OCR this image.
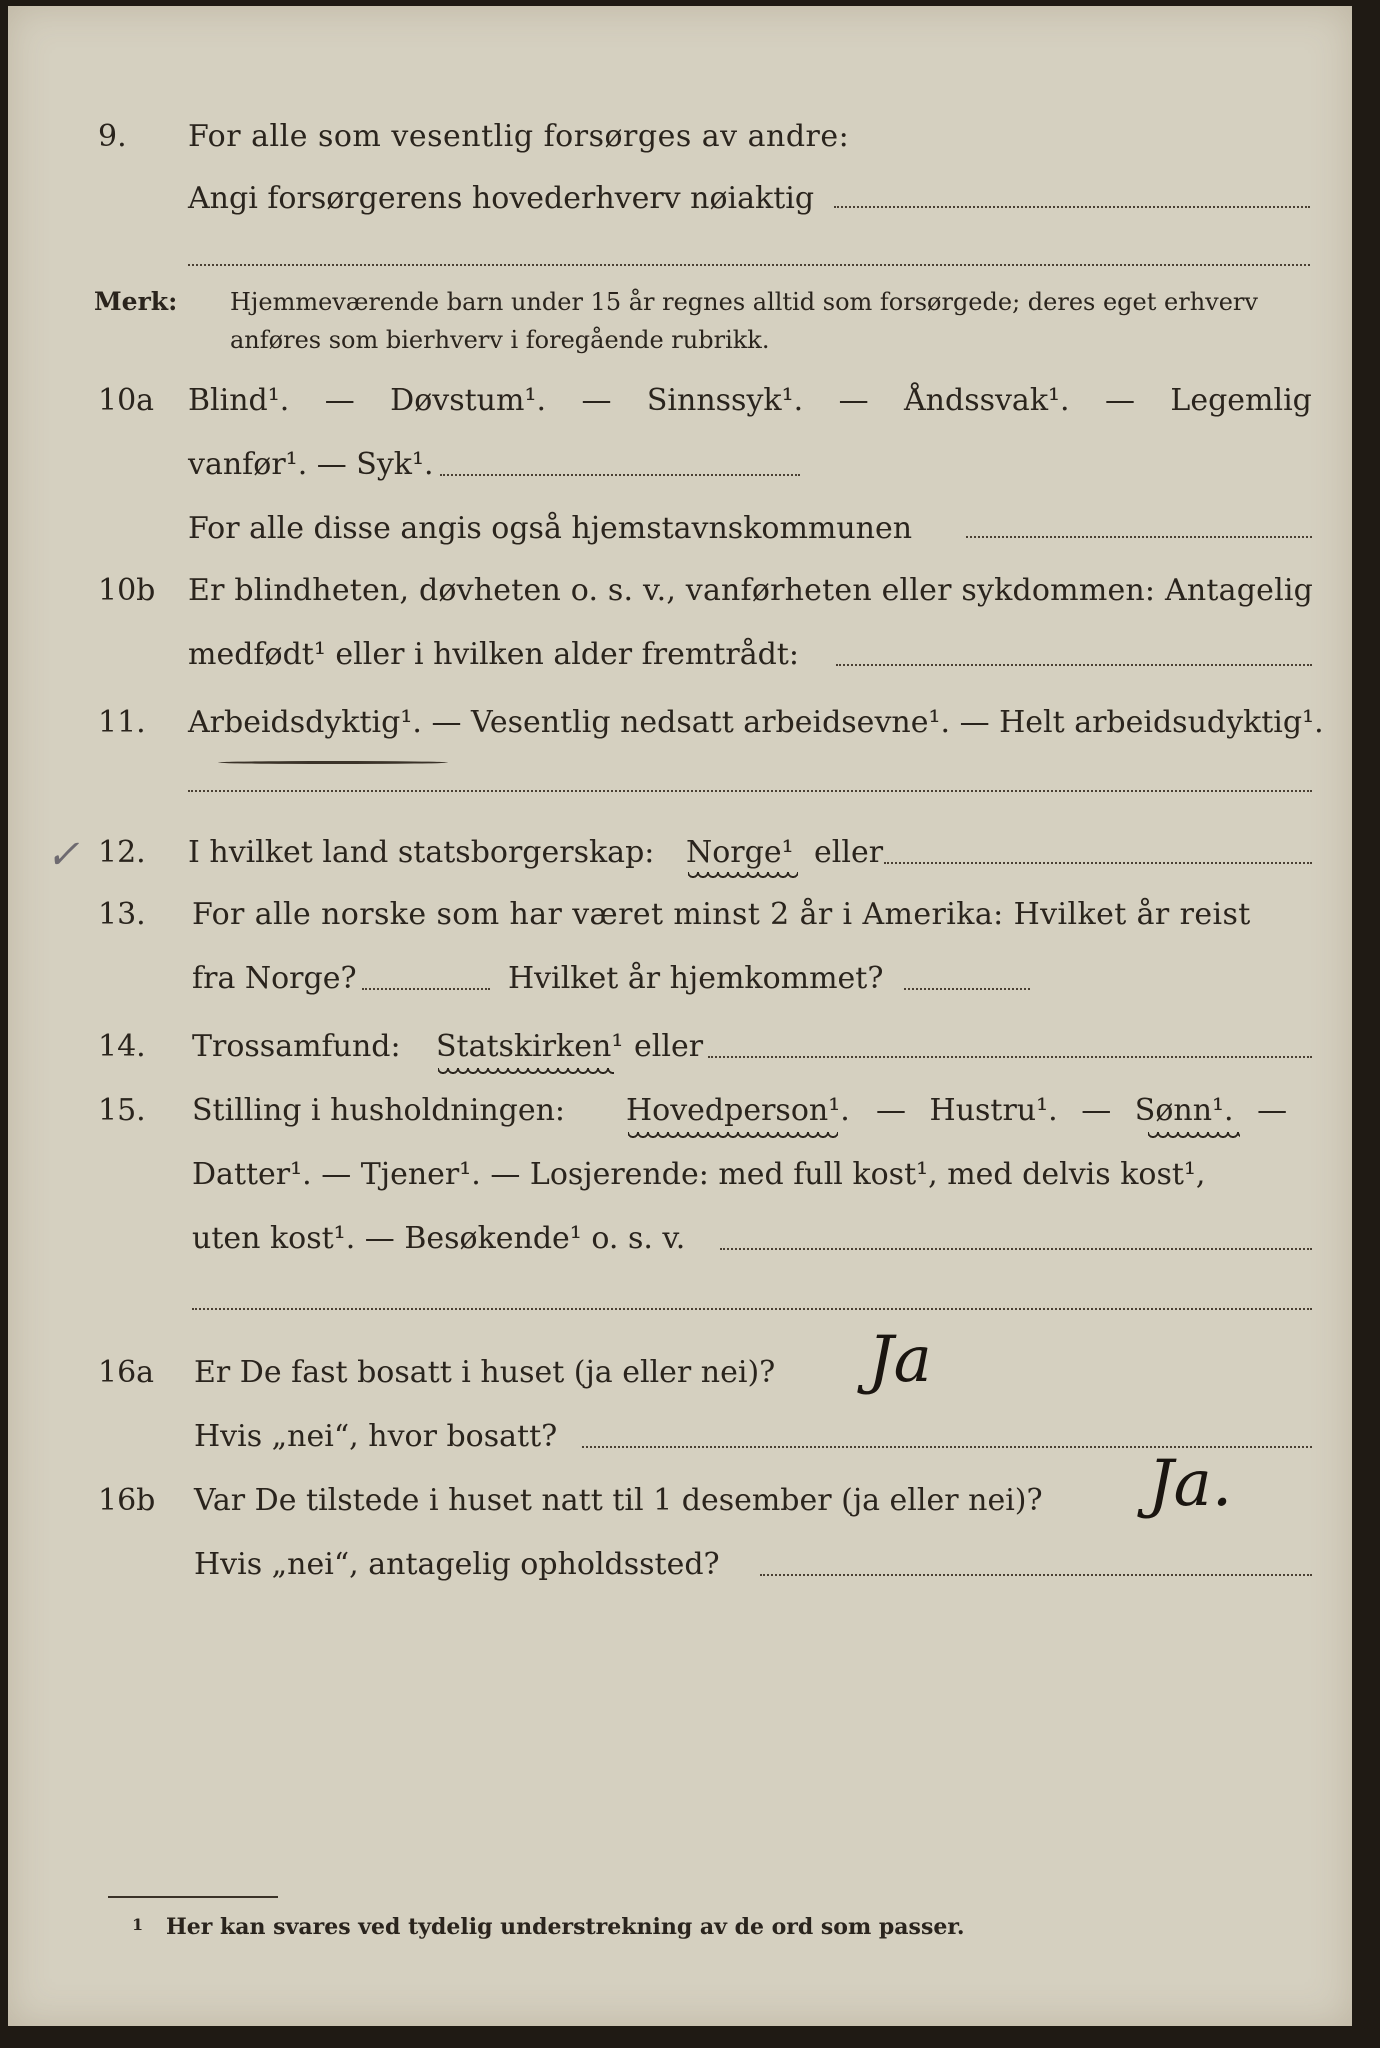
9. For alle som vesentlig forsørges av andre:
Angi forsørgerens hovederhverv nøiaktig
Merk: Hjemmeværende barn under 15 år regnes alltid som forsørgede; deres eget erhverv
anføres som bierhverv i foregående rubrikk.
10a Blind¹. — Døvstum¹. — Sinnssyk¹. — Åndssvak¹. — Legemlig
vanfør¹. — Syk¹.
For alle disse angis også hjemstavnskommunen
10b Er blindheten, døvheten o. s. v., vanførheten eller sykdommen: Antagelig
medfødt¹ eller i hvilken alder fremtrådt:
11. Arbeidsdyktig¹. — Vesentlig nedsatt arbeidsevne¹. — Helt arbeidsudyktig¹.
✓ 12. I hvilket land statsborgerskap: Norge¹ eller
13. For alle norske som har været minst 2 år i Amerika: Hvilket år reist
fra Norge?	Hvilket år hjemkommet?
14. Trossamfund: Statskirken¹ eller
15. Stilling i husholdningen: Hovedperson¹. — Hustru¹. — Sønn¹. —
Datter¹. — Tjener¹. — Losjerende: med full kost¹, med delvis kost¹,
uten kost¹. — Besøkende¹ o. s. v.
16a Er De fast bosatt i huset (ja eller nei)? Ja
Hvis „nei“, hvor bosatt?
16b Var De tilstede i huset natt til 1 desember (ja eller nei)? Ja.
Hvis „nei“, antagelig opholdssted?
1 Her kan svares ved tydelig understrekning av de ord som passer.
